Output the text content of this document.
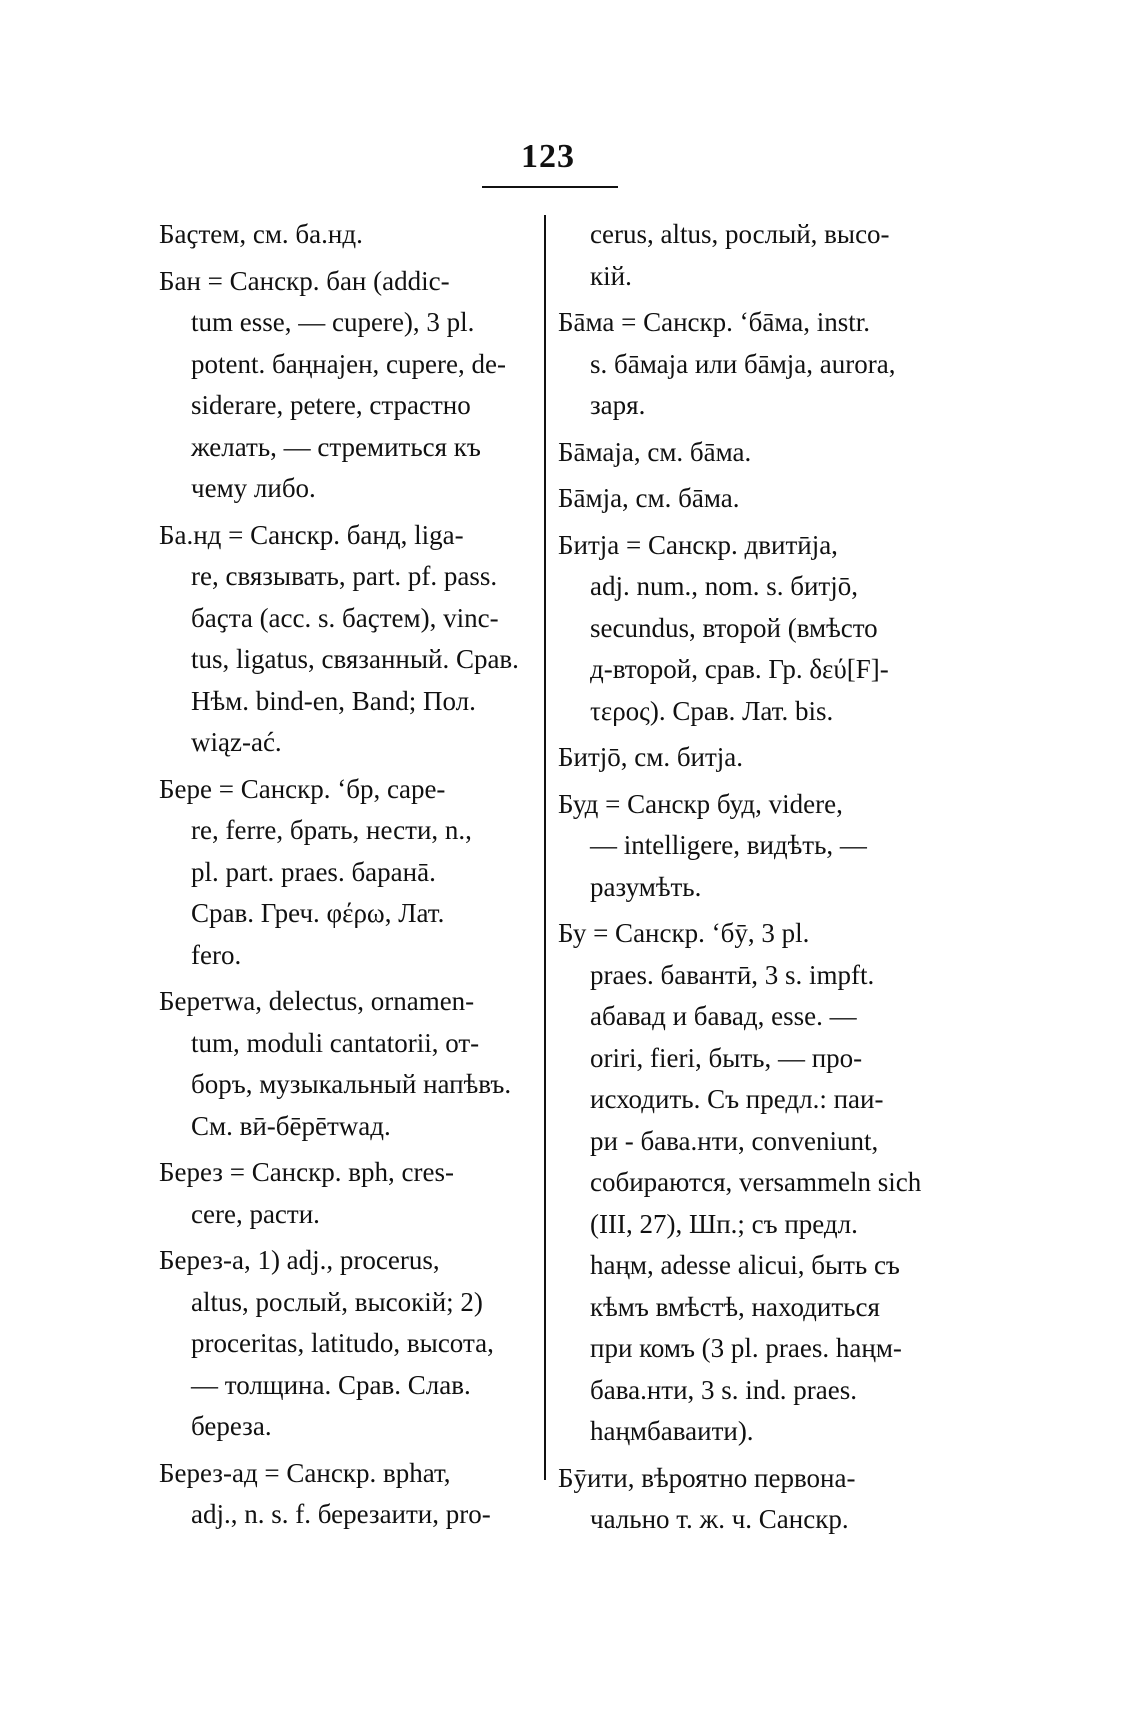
123
Баҫтем, см. ба.нд.
Бан = Санскр. бан (addic-
tum esse, — cupere), 3 pl.
potent. баңнајен, cupere, de-
siderare, petere, страстно
желать, — стремиться къ
чему либо.
Ба.нд = Санскр. банд, liga-
re, связывать, part. pf. pass.
баҫта (acc. s. баҫтем), vinc-
tus, ligatus, связанный. Срав.
Нѣм. bind-en, Band; Пол.
wiąz-ać.
Бере = Санскр. ‘бр, cape-
re, ferre, брать, нести, n.,
pl. part. praes. баранā.
Срав. Греч. φέρω, Лат.
fero.
Беретwа, delectus, ornamen-
tum, moduli cantatorii, от-
боръ, музыкальный напѣвъ.
См. вӣ-бēрēтwад.
Берез = Санскр. врh, cres-
cere, расти.
Берез-а, 1) adj., procerus,
altus, рослый, высокій; 2)
proceritas, latitudo, высота,
— толщина. Срав. Слав.
береза.
Берез-ад = Санскр. врhат,
adj., n. s. f. березаити, pro-
cerus, altus, рослый, высо-
кій.
Бāма = Санскр. ‘бāма, instr.
s. бāмаја или бāмја, aurora,
заря.
Бāмаја, см. бāма.
Бāмја, см. бāма.
Битја = Санскр. двитӣја,
adj. num., nom. s. битјō,
secundus, второй (вмѣсто
д-второй, срав. Гр. δεύ[F]-
τερος). Срав. Лат. bis.
Битјō, см. битја.
Буд = Санскр буд, videre,
— intelligere, видѣть, —
разумѣть.
Бу = Санскр. ‘бӯ, 3 pl.
praes. бавантӣ, 3 s. impft.
абавад и бавад, esse. —
oriri, fieri, быть, — про-
исходить. Съ предл.: паи-
ри - бава.нти, conveniunt,
собираются, versammeln sich
(III, 27), Шп.; съ предл.
hаңм, adesse alicui, быть съ
кѣмъ вмѣстѣ, находиться
при комъ (3 pl. praes. hаңм-
бава.нти, 3 s. ind. praes.
hаңмбаваити).
Бӯити, вѣроятно первона-
чально т. ж. ч. Санскр.
